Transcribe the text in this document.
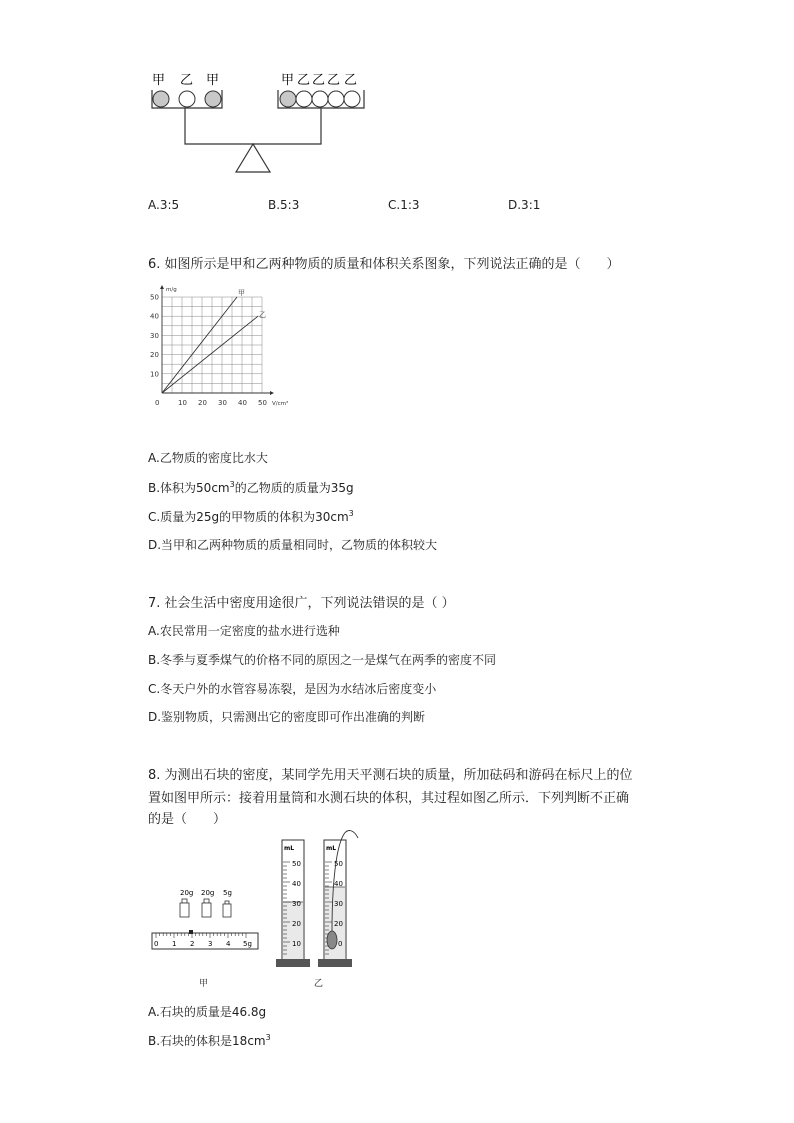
甲 乙 甲	甲 乙 乙 乙 乙
A.3:5	B.5:3	C.1:3	D.3:1
6. 如图所示是甲和乙两种物质的质量和体积关系图象，下列说法正确的是（　　）
0	10 20 30 40 50
10
20
30
40
50
m/g
V/cm³
甲
乙
A.乙物质的密度比水大
B.体积为$50cm^3$的乙物质的质量为35g
C.质量为25g的甲物质的体积为$30cm^3$
D.当甲和乙两种物质的质量相同时，乙物质的体积较大
7. 社会生活中密度用途很广，下列说法错误的是（ ）
A.农民常用一定密度的盐水进行选种
B.冬季与夏季煤气的价格不同的原因之一是煤气在两季的密度不同
C.冬天户外的水管容易冻裂，是因为水结冰后密度变小
D.鉴别物质，只需测出它的密度即可作出准确的判断
8. 为测出石块的密度，某同学先用天平测石块的质量，所加砝码和游码在标尺上的位
置如图甲所示：接着用量筒和水测石块的体积，其过程如图乙所示．下列判断不正确
的是（　　）
20g 20g 5g
0 1 2 3 4 5g
甲
mL
50
40
30
20
10
mL
50
40
30
20
0
乙
A.石块的质量是46.8g
B.石块的体积是$18cm^3$
